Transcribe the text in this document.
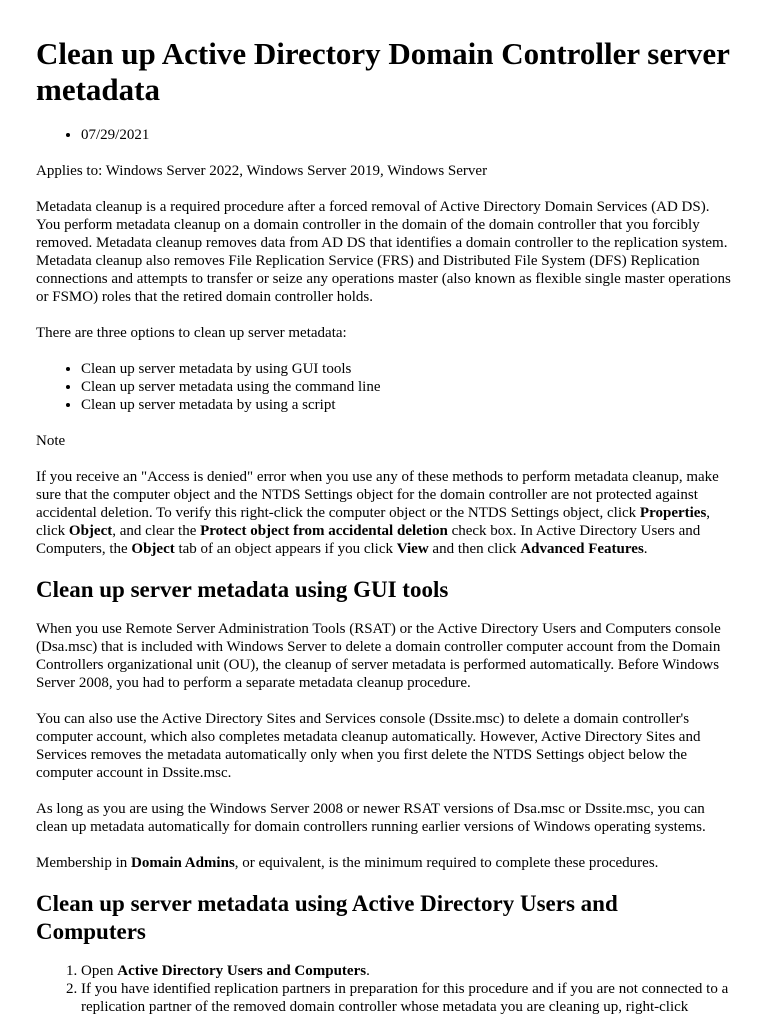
Clean up Active Directory Domain Controller server metadata
• 07/29/2021

Applies to: Windows Server 2022, Windows Server 2019, Windows Server

Metadata cleanup is a required procedure after a forced removal of Active Directory Domain Services (AD DS). You perform metadata cleanup on a domain controller in the domain of the domain controller that you forcibly removed. Metadata cleanup removes data from AD DS that identifies a domain controller to the replication system. Metadata cleanup also removes File Replication Service (FRS) and Distributed File System (DFS) Replication connections and attempts to transfer or seize any operations master (also known as flexible single master operations or FSMO) roles that the retired domain controller holds.

There are three options to clean up server metadata:

• Clean up server metadata by using GUI tools
• Clean up server metadata using the command line
• Clean up server metadata by using a script

Note

If you receive an "Access is denied" error when you use any of these methods to perform metadata cleanup, make sure that the computer object and the NTDS Settings object for the domain controller are not protected against accidental deletion. To verify this right-click the computer object or the NTDS Settings object, click Properties, click Object, and clear the Protect object from accidental deletion check box. In Active Directory Users and Computers, the Object tab of an object appears if you click View and then click Advanced Features.

Clean up server metadata using GUI tools

When you use Remote Server Administration Tools (RSAT) or the Active Directory Users and Computers console (Dsa.msc) that is included with Windows Server to delete a domain controller computer account from the Domain Controllers organizational unit (OU), the cleanup of server metadata is performed automatically. Before Windows Server 2008, you had to perform a separate metadata cleanup procedure.

You can also use the Active Directory Sites and Services console (Dssite.msc) to delete a domain controller's computer account, which also completes metadata cleanup automatically. However, Active Directory Sites and Services removes the metadata automatically only when you first delete the NTDS Settings object below the computer account in Dssite.msc.

As long as you are using the Windows Server 2008 or newer RSAT versions of Dsa.msc or Dssite.msc, you can clean up metadata automatically for domain controllers running earlier versions of Windows operating systems.

Membership in Domain Admins, or equivalent, is the minimum required to complete these procedures.

Clean up server metadata using Active Directory Users and Computers
1. Open Active Directory Users and Computers.
2. If you have identified replication partners in preparation for this procedure and if you are not connected to a replication partner of the removed domain controller whose metadata you are cleaning up, right-click
